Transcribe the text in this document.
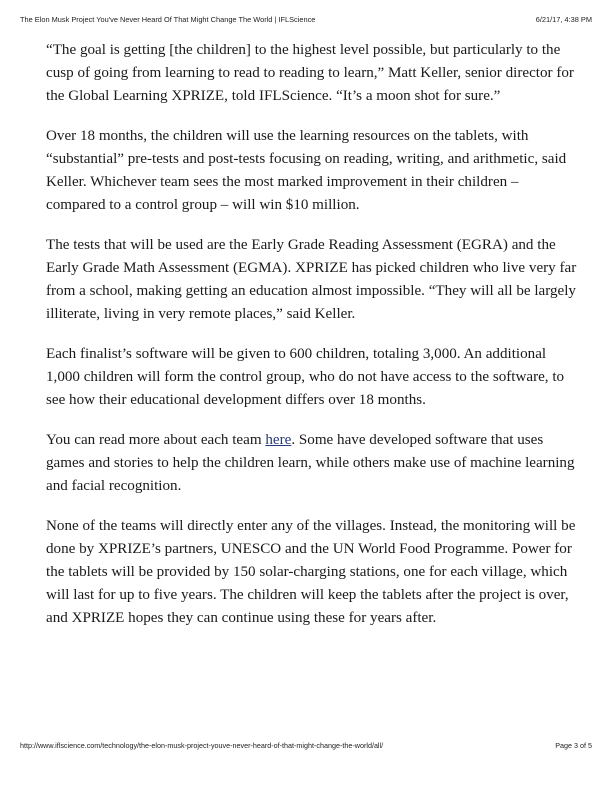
The Elon Musk Project You've Never Heard Of That Might Change The World | IFLScience	6/21/17, 4:38 PM

“The goal is getting [the children] to the highest level possible, but particularly to the cusp of going from learning to read to reading to learn,” Matt Keller, senior director for the Global Learning XPRIZE, told IFLScience. “It’s a moon shot for sure.”

Over 18 months, the children will use the learning resources on the tablets, with “substantial” pre-tests and post-tests focusing on reading, writing, and arithmetic, said Keller. Whichever team sees the most marked improvement in their children – compared to a control group – will win $10 million.

The tests that will be used are the Early Grade Reading Assessment (EGRA) and the Early Grade Math Assessment (EGMA). XPRIZE has picked children who live very far from a school, making getting an education almost impossible. “They will all be largely illiterate, living in very remote places,” said Keller.

Each finalist’s software will be given to 600 children, totaling 3,000. An additional 1,000 children will form the control group, who do not have access to the software, to see how their educational development differs over 18 months.

You can read more about each team here. Some have developed software that uses games and stories to help the children learn, while others make use of machine learning and facial recognition.

None of the teams will directly enter any of the villages. Instead, the monitoring will be done by XPRIZE’s partners, UNESCO and the UN World Food Programme. Power for the tablets will be provided by 150 solar-charging stations, one for each village, which will last for up to five years. The children will keep the tablets after the project is over, and XPRIZE hopes they can continue using these for years after.

http://www.iflscience.com/technology/the-elon-musk-project-youve-never-heard-of-that-might-change-the-world/all/	Page 3 of 5
